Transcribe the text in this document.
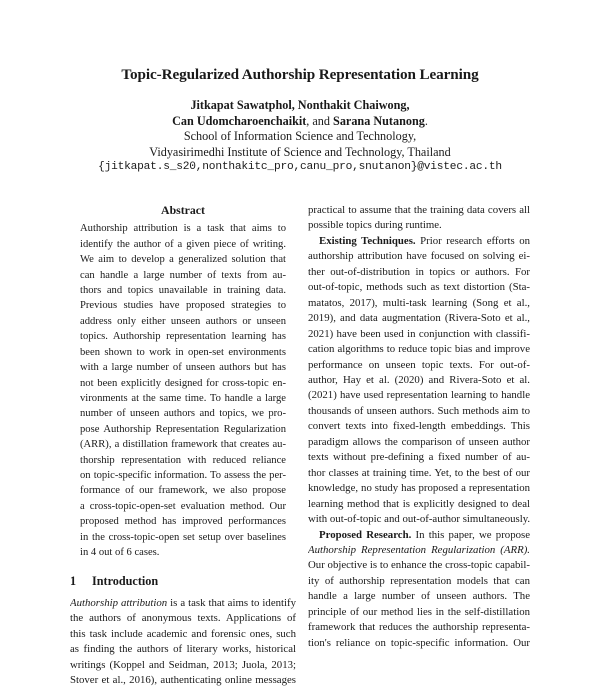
Topic-Regularized Authorship Representation Learning
Jitkapat Sawatphol, Nonthakit Chaiwong,
Can Udomcharoenchaikit, and Sarana Nutanong.
School of Information Science and Technology,
Vidyasirimedhi Institute of Science and Technology, Thailand
{jitkapat.s_s20,nonthakitc_pro,canu_pro,snutanon}@vistec.ac.th
Abstract
Authorship attribution is a task that aims to
identify the author of a given piece of writing.
We aim to develop a generalized solution that
can handle a large number of texts from au-
thors and topics unavailable in training data.
Previous studies have proposed strategies to
address only either unseen authors or unseen
topics. Authorship representation learning has
been shown to work in open-set environments
with a large number of unseen authors but has
not been explicitly designed for cross-topic en-
vironments at the same time. To handle a large
number of unseen authors and topics, we pro-
pose Authorship Representation Regularization
(ARR), a distillation framework that creates au-
thorship representation with reduced reliance
on topic-specific information. To assess the per-
formance of our framework, we also propose
a cross-topic-open-set evaluation method. Our
proposed method has improved performances
in the cross-topic-open set setup over baselines
in 4 out of 6 cases.
1 Introduction
Authorship attribution is a task that aims to identify
the authors of anonymous texts. Applications of
this task include academic and forensic ones, such
as finding the authors of literary works, historical
writings (Koppel and Seidman, 2013; Juola, 2013;
Stover et al., 2016), authenticating online messages
practical to assume that the training data covers all
possible topics during runtime.
Existing Techniques. Prior research efforts on
authorship attribution have focused on solving ei-
ther out-of-distribution in topics or authors. For
out-of-topic, methods such as text distortion (Sta-
matatos, 2017), multi-task learning (Song et al.,
2019), and data augmentation (Rivera-Soto et al.,
2021) have been used in conjunction with classifi-
cation algorithms to reduce topic bias and improve
performance on unseen topic texts. For out-of-
author, Hay et al. (2020) and Rivera-Soto et al.
(2021) have used representation learning to handle
thousands of unseen authors. Such methods aim to
convert texts into fixed-length embeddings. This
paradigm allows the comparison of unseen author
texts without pre-defining a fixed number of au-
thor classes at training time. Yet, to the best of our
knowledge, no study has proposed a representation
learning method that is explicitly designed to deal
with out-of-topic and out-of-author simultaneously.
Proposed Research. In this paper, we propose
Authorship Representation Regularization (ARR).
Our objective is to enhance the cross-topic capabil-
ity of authorship representation models that can
handle a large number of unseen authors. The
principle of our method lies in the self-distillation
framework that reduces the authorship representa-
tion's reliance on topic-specific information. Our
